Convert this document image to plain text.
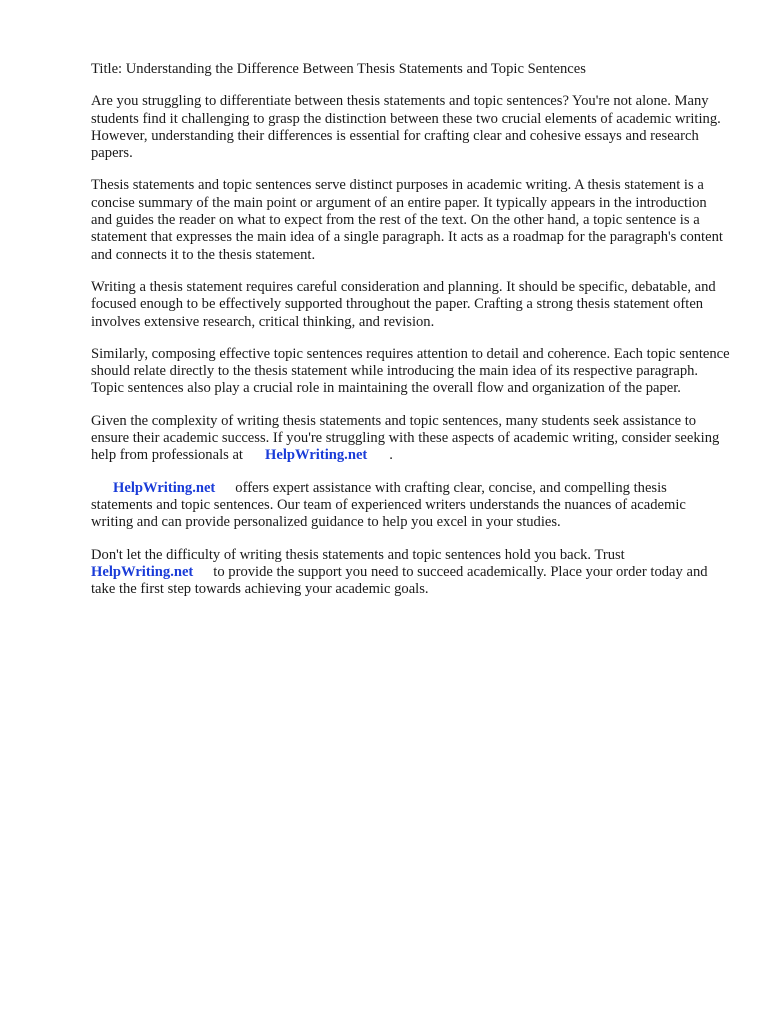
Title: Understanding the Difference Between Thesis Statements and Topic Sentences

Are you struggling to differentiate between thesis statements and topic sentences? You're not alone. Many students find it challenging to grasp the distinction between these two crucial elements of academic writing. However, understanding their differences is essential for crafting clear and cohesive essays and research papers.

Thesis statements and topic sentences serve distinct purposes in academic writing. A thesis statement is a concise summary of the main point or argument of an entire paper. It typically appears in the introduction and guides the reader on what to expect from the rest of the text. On the other hand, a topic sentence is a statement that expresses the main idea of a single paragraph. It acts as a roadmap for the paragraph's content and connects it to the thesis statement.

Writing a thesis statement requires careful consideration and planning. It should be specific, debatable, and focused enough to be effectively supported throughout the paper. Crafting a strong thesis statement often involves extensive research, critical thinking, and revision.

Similarly, composing effective topic sentences requires attention to detail and coherence. Each topic sentence should relate directly to the thesis statement while introducing the main idea of its respective paragraph. Topic sentences also play a crucial role in maintaining the overall flow and organization of the paper.

Given the complexity of writing thesis statements and topic sentences, many students seek assistance to ensure their academic success. If you're struggling with these aspects of academic writing, consider seeking help from professionals at HelpWriting.net .

HelpWriting.net offers expert assistance with crafting clear, concise, and compelling thesis statements and topic sentences. Our team of experienced writers understands the nuances of academic writing and can provide personalized guidance to help you excel in your studies.

Don't let the difficulty of writing thesis statements and topic sentences hold you back. Trust HelpWriting.net to provide the support you need to succeed academically. Place your order today and take the first step towards achieving your academic goals.
